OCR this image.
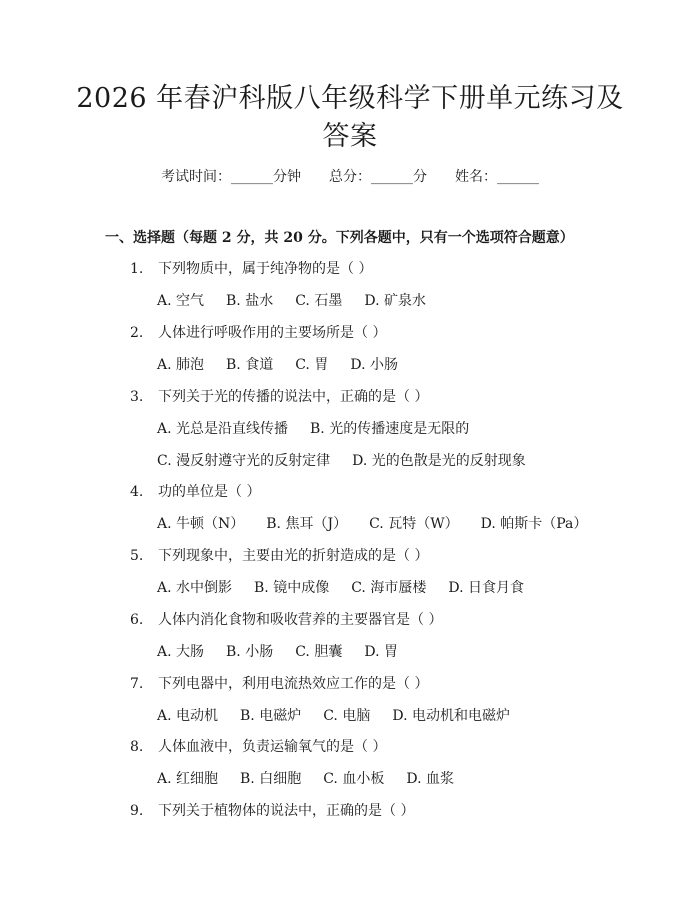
2026 年春沪科版八年级科学下册单元练习及
答案
考试时间：______分钟 总分：______分 姓名：______
一、选择题（每题 2 分，共 20 分。下列各题中，只有一个选项符合题意）
1. 下列物质中，属于纯净物的是（ ）
A. 空气 B. 盐水 C. 石墨 D. 矿泉水
2. 人体进行呼吸作用的主要场所是（ ）
A. 肺泡 B. 食道 C. 胃 D. 小肠
3. 下列关于光的传播的说法中，正确的是（ ）
A. 光总是沿直线传播 B. 光的传播速度是无限的
C. 漫反射遵守光的反射定律 D. 光的色散是光的反射现象
4. 功的单位是（ ）
A. 牛顿（N） B. 焦耳（J） C. 瓦特（W） D. 帕斯卡（Pa）
5. 下列现象中，主要由光的折射造成的是（ ）
A. 水中倒影 B. 镜中成像 C. 海市蜃楼 D. 日食月食
6. 人体内消化食物和吸收营养的主要器官是（ ）
A. 大肠 B. 小肠 C. 胆囊 D. 胃
7. 下列电器中，利用电流热效应工作的是（ ）
A. 电动机 B. 电磁炉 C. 电脑 D. 电动机和电磁炉
8. 人体血液中，负责运输氧气的是（ ）
A. 红细胞 B. 白细胞 C. 血小板 D. 血浆
9. 下列关于植物体的说法中，正确的是（ ）
